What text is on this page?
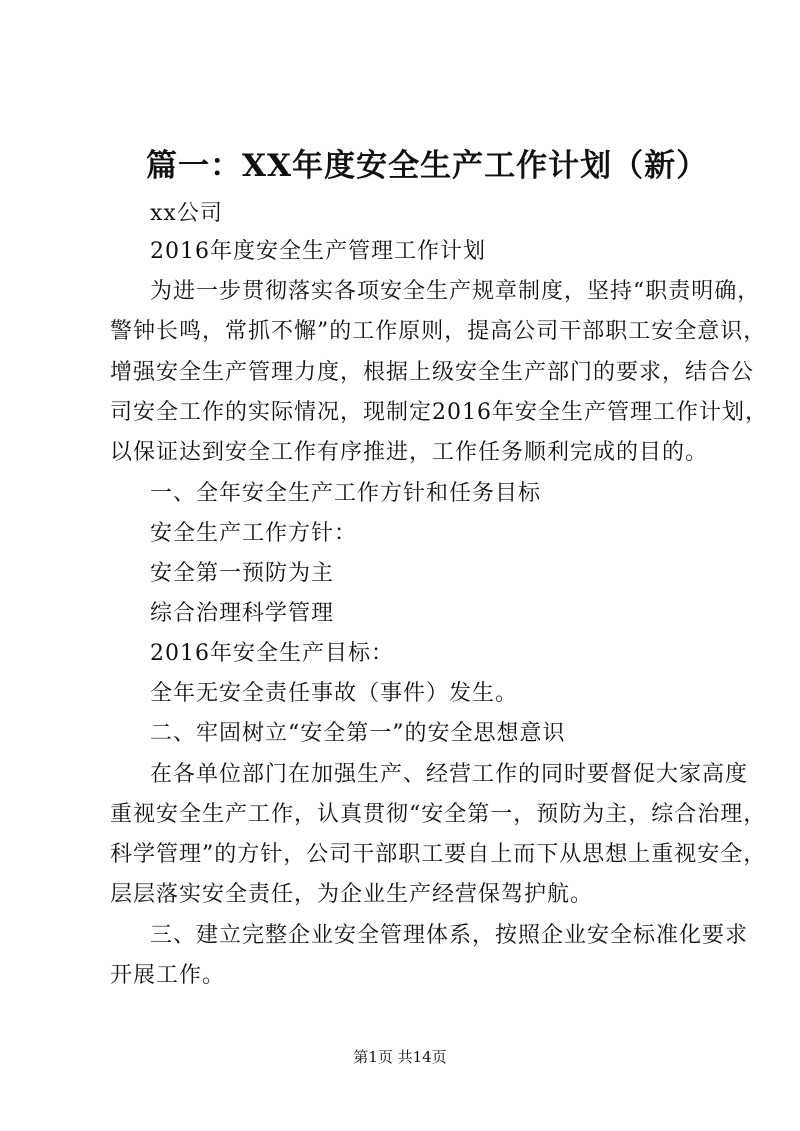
篇一：XX年度安全生产工作计划（新）
xx公司
2016年度安全生产管理工作计划
为进一步贯彻落实各项安全生产规章制度，坚持“职责明确，
警钟长鸣，常抓不懈”的工作原则，提高公司干部职工安全意识，
增强安全生产管理力度，根据上级安全生产部门的要求，结合公
司安全工作的实际情况，现制定2016年安全生产管理工作计划，
以保证达到安全工作有序推进，工作任务顺利完成的目的。
一、全年安全生产工作方针和任务目标
安全生产工作方针：
安全第一预防为主
综合治理科学管理
2016年安全生产目标：
全年无安全责任事故（事件）发生。
二、牢固树立“安全第一”的安全思想意识
在各单位部门在加强生产、经营工作的同时要督促大家高度
重视安全生产工作，认真贯彻“安全第一，预防为主，综合治理，
科学管理”的方针，公司干部职工要自上而下从思想上重视安全，
层层落实安全责任，为企业生产经营保驾护航。
三、建立完整企业安全管理体系，按照企业安全标准化要求
开展工作。
第1页 共14页
